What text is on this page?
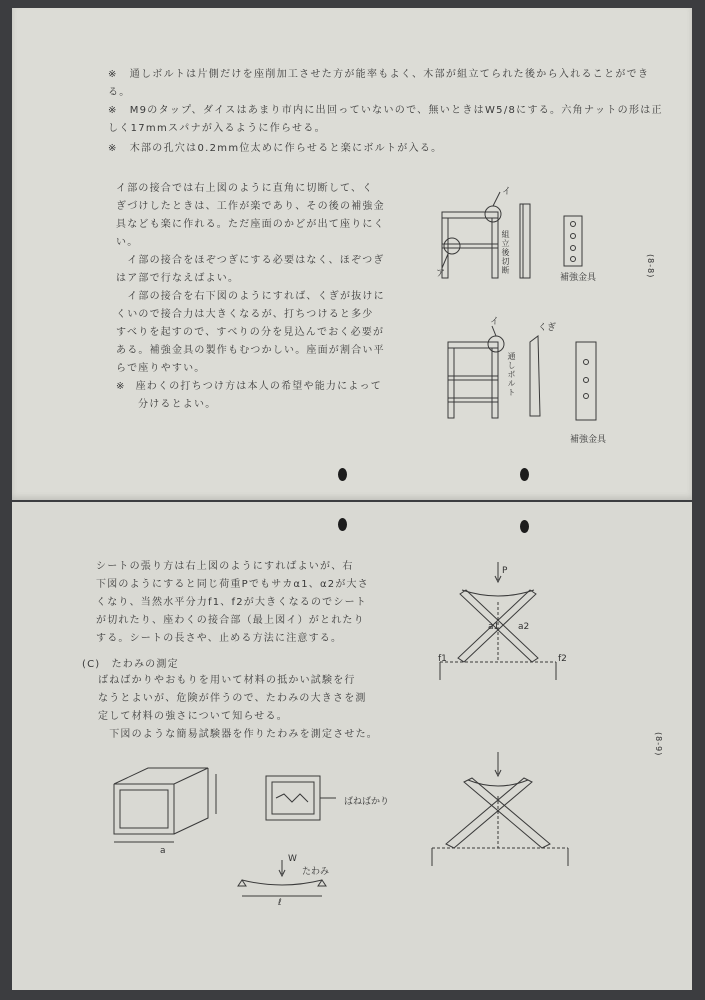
※ 通しボルトは片側だけを座削加工させた方が能率もよく、木部が組立てられた後から入れることができる。
※ M9のタップ、ダイスはあまり市内に出回っていないので、無いときはW5/8にする。六角ナットの形は正しく17mmスパナが入るように作らせる。
※ 木部の孔穴は0.2mm位太めに作らせると楽にボルトが入る。
イ部の接合では右上図のように直角に切断して、く
ぎづけしたときは、工作が楽であり、その後の補強金
具なども楽に作れる。ただ座面のかどが出て座りにく
い。
　イ部の接合をほぞつぎにする必要はなく、ほぞつぎ
はア部で行なえばよい。
　イ部の接合を右下図のようにすれば、くぎが抜けに
くいので接合力は大きくなるが、打ちつけると多少
すべりを起すので、すべりの分を見込んでおく必要が
ある。補強金具の製作もむつかしい。座面が割合い平
らで座りやすい。
※ 座わくの打ちつけ方は本人の希望や能力によって
分けるとよい。
イ
ア	組立後切断
補強金具
イ
くぎ
通しボルト
補強金具
(8-8)
シートの張り方は右上図のようにすればよいが、右
下図のようにすると同じ荷重Pでもサカα1、α2が大さ
くなり、当然水平分力f1、f2が大きくなるのでシート
が切れたり、座わくの接合部（最上図イ）がとれたり
する。シートの長さや、止める方法に注意する。
(C)　たわみの測定
ばねばかりやおもりを用いて材料の抵かい試験を行
なうとよいが、危険が伴うので、たわみの大きさを測
定して材料の強さについて知らせる。
　下図のような簡易試験器を作りたわみを測定させた。
P
a1 a2
f1	f2
a
ばねばかり
W
たわみ
ℓ
(8-9)
